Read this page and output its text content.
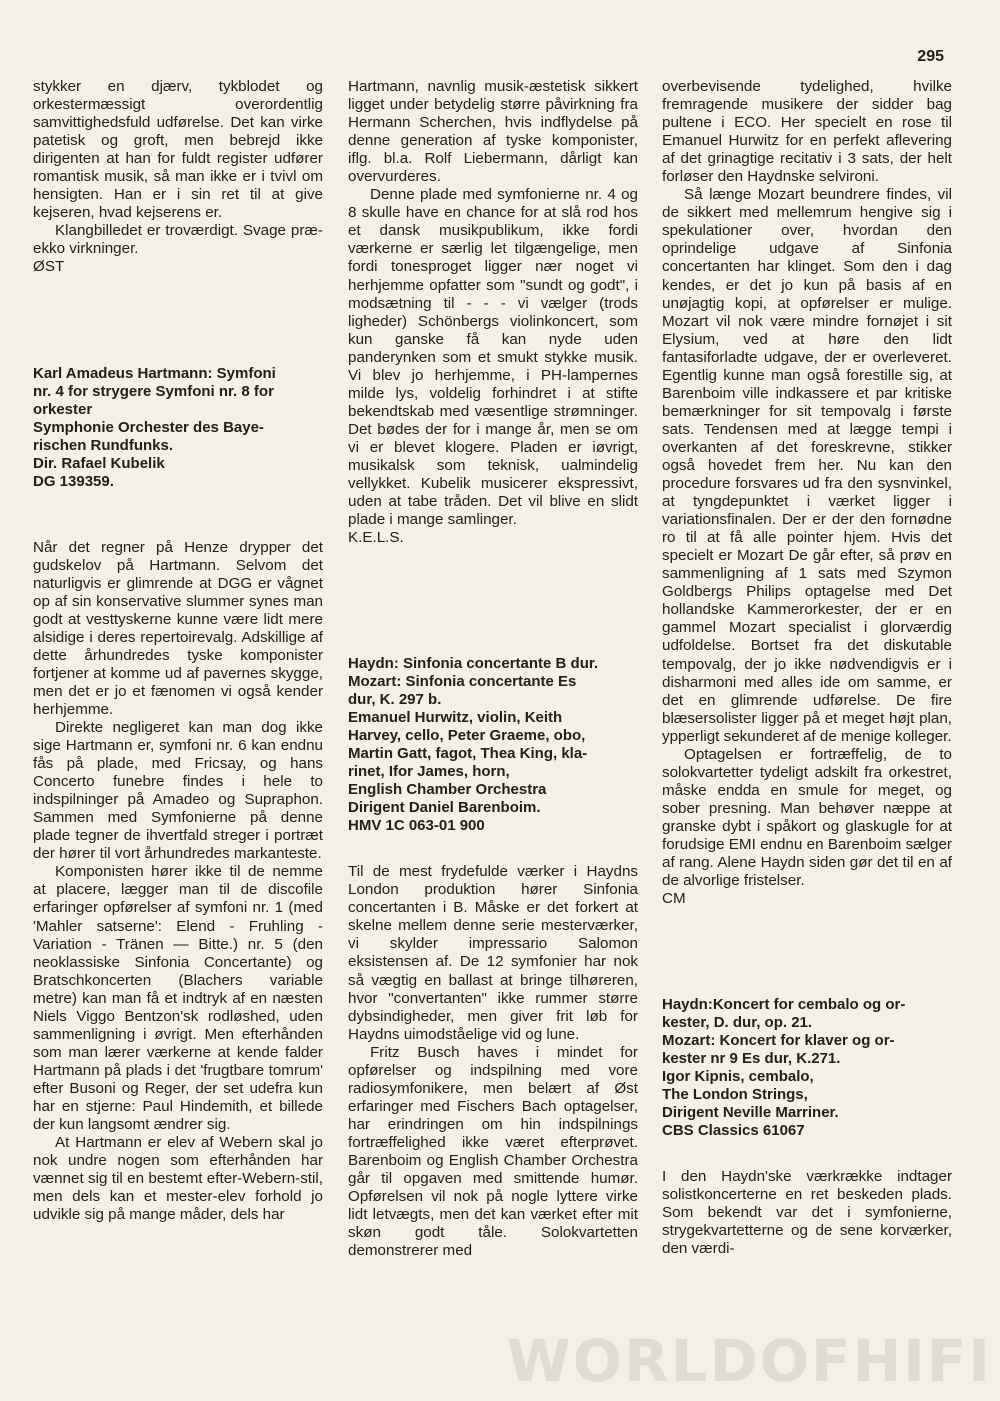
295

stykker en djærv, tykblodet og orkestermæssigt overordentlig samvittighedsfuld udførelse. Det kan virke patetisk og groft, men bebrejd ikke dirigenten at han for fuldt register udfører romantisk musik, så man ikke er i tvivl om hensigten. Han er i sin ret til at give kejseren, hvad kejserens er.

Klangbilledet er troværdigt. Svage præ-ekko virkninger.

ØST

Karl Amadeus Hartmann: Symfoni
nr. 4 for strygere Symfoni nr. 8 for
orkester
Symphonie Orchester des Baye-
rischen Rundfunks.
Dir. Rafael Kubelik
DG 139359.

Når det regner på Henze drypper det gudskelov på Hartmann. Selvom det naturligvis er glimrende at DGG er vågnet op af sin konservative slummer synes man godt at vesttyskerne kunne være lidt mere alsidige i deres repertoirevalg. Adskillige af dette århundredes tyske komponister fortjener at komme ud af pavernes skygge, men det er jo et fænomen vi også kender herhjemme.

Direkte negligeret kan man dog ikke sige Hartmann er, symfoni nr. 6 kan endnu fås på plade, med Fricsay, og hans Concerto funebre findes i hele to indspilninger på Amadeo og Supraphon. Sammen med Symfonierne på denne plade tegner de ihvertfald streger i portræt der hører til vort århundredes markanteste.

Komponisten hører ikke til de nemme at placere, lægger man til de discofile erfaringer opførelser af symfoni nr. 1 (med 'Mahler satserne': Elend - Fruhling - Variation - Tränen — Bitte.) nr. 5 (den neoklassiske Sinfonia Concertante) og Bratschkoncerten (Blachers variable metre) kan man få et indtryk af en næsten Niels Viggo Bentzon'sk rodløshed, uden sammenligning i øvrigt. Men efterhånden som man lærer værkerne at kende falder Hartmann på plads i det 'frugtbare tomrum' efter Busoni og Reger, der set udefra kun har en stjerne: Paul Hindemith, et billede der kun langsomt ændrer sig.

At Hartmann er elev af Webern skal jo nok undre nogen som efterhånden har vænnet sig til en bestemt efter-Webern-stil, men dels kan et mester-elev forhold jo udvikle sig på mange måder, dels har

Hartmann, navnlig musik-æstetisk sikkert ligget under betydelig større påvirkning fra Hermann Scherchen, hvis indflydelse på denne generation af tyske komponister, iflg. bl.a. Rolf Liebermann, dårligt kan overvurderes.

Denne plade med symfonierne nr. 4 og 8 skulle have en chance for at slå rod hos et dansk musikpublikum, ikke fordi værkerne er særlig let tilgængelige, men fordi tonesproget ligger nær noget vi herhjemme opfatter som "sundt og godt", i modsætning til - - - vi vælger (trods ligheder) Schönbergs violinkoncert, som kun ganske få kan nyde uden panderynken som et smukt stykke musik. Vi blev jo herhjemme, i PH-lampernes milde lys, voldelig forhindret i at stifte bekendtskab med væsentlige strømninger. Det bødes der for i mange år, men se om vi er blevet klogere. Pladen er iøvrigt, musikalsk som teknisk, ualmindelig vellykket. Kubelik musicerer ekspressivt, uden at tabe tråden. Det vil blive en slidt plade i mange samlinger.

K.E.L.S.

Haydn: Sinfonia concertante B dur.
Mozart: Sinfonia concertante Es
dur, K. 297 b.
Emanuel Hurwitz, violin, Keith
Harvey, cello, Peter Graeme, obo,
Martin Gatt, fagot, Thea King, kla-
rinet, Ifor James, horn,
English Chamber Orchestra
Dirigent Daniel Barenboim.
HMV 1C 063-01 900

Til de mest frydefulde værker i Haydns London produktion hører Sinfonia concertanten i B. Måske er det forkert at skelne mellem denne serie mesterværker, vi skylder impressario Salomon eksistensen af. De 12 symfonier har nok så vægtig en ballast at bringe tilhøreren, hvor "convertanten" ikke rummer større dybsindigheder, men giver frit løb for Haydns uimodståelige vid og lune.

Fritz Busch haves i mindet for opførelser og indspilning med vore radiosymfonikere, men belært af Øst erfaringer med Fischers Bach optagelser, har erindringen om hin indspilnings fortræffelighed ikke været efterprøvet. Barenboim og English Chamber Orchestra går til opgaven med smittende humør. Opførelsen vil nok på nogle lyttere virke lidt letvægts, men det kan værket efter mit skøn godt tåle. Solokvartetten demonstrerer med

overbevisende tydelighed, hvilke fremragende musikere der sidder bag pultene i ECO. Her specielt en rose til Emanuel Hurwitz for en perfekt aflevering af det grinagtige recitativ i 3 sats, der helt forløser den Haydnske selvironi.

Så længe Mozart beundrere findes, vil de sikkert med mellemrum hengive sig i spekulationer over, hvordan den oprindelige udgave af Sinfonia concertanten har klinget. Som den i dag kendes, er det jo kun på basis af en unøjagtig kopi, at opførelser er mulige. Mozart vil nok være mindre fornøjet i sit Elysium, ved at høre den lidt fantasiforladte udgave, der er overleveret. Egentlig kunne man også forestille sig, at Barenboim ville indkassere et par kritiske bemærkninger for sit tempovalg i første sats. Tendensen med at lægge tempi i overkanten af det foreskrevne, stikker også hovedet frem her. Nu kan den procedure forsvares ud fra den sysnvinkel, at tyngdepunktet i værket ligger i variationsfinalen. Der er der den fornødne ro til at få alle pointer hjem. Hvis det specielt er Mozart De går efter, så prøv en sammenligning af 1 sats med Szymon Goldbergs Philips optagelse med Det hollandske Kammerorkester, der er en gammel Mozart specialist i glorværdig udfoldelse. Bortset fra det diskutable tempovalg, der jo ikke nødvendigvis er i disharmoni med alles ide om samme, er det en glimrende udførelse. De fire blæsersolister ligger på et meget højt plan, ypperligt sekunderet af de menige kolleger.

Optagelsen er fortræffelig, de to solokvartetter tydeligt adskilt fra orkestret, måske endda en smule for meget, og sober presning. Man behøver næppe at granske dybt i spåkort og glaskugle for at forudsige EMI endnu en Barenboim sælger af rang. Alene Haydn siden gør det til en af de alvorlige fristelser.

CM

Haydn:Koncert for cembalo og or-
kester, D. dur, op. 21.
Mozart: Koncert for klaver og or-
kester nr 9 Es dur, K.271.
Igor Kipnis, cembalo,
The London Strings,
Dirigent Neville Marriner.
CBS Classics 61067

I den Haydn'ske værkrække indtager solistkoncerterne en ret beskeden plads. Som bekendt var det i symfonierne, strygekvartetterne og de sene korværker, den værdi-

WORLDOFHIFI
